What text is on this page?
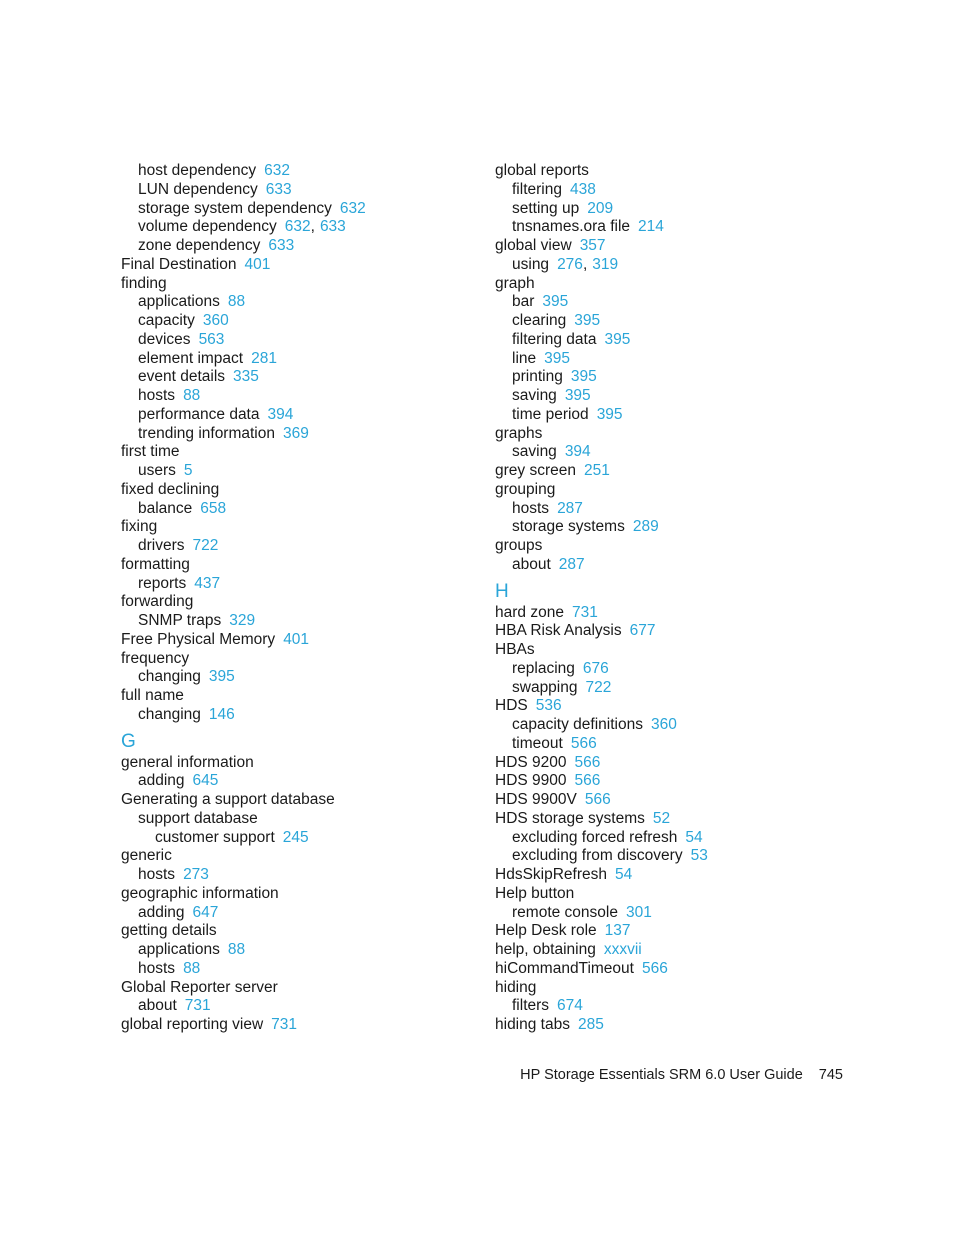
host dependency 632
LUN dependency 633
storage system dependency 632
volume dependency 632, 633
zone dependency 633
Final Destination 401
finding
applications 88
capacity 360
devices 563
element impact 281
event details 335
hosts 88
performance data 394
trending information 369
first time
users 5
fixed declining
balance 658
fixing
drivers 722
formatting
reports 437
forwarding
SNMP traps 329
Free Physical Memory 401
frequency
changing 395
full name
changing 146
G
general information
adding 645
Generating a support database
support database
customer support 245
generic
hosts 273
geographic information
adding 647
getting details
applications 88
hosts 88
Global Reporter server
about 731
global reporting view 731
global reports
filtering 438
setting up 209
tnsnames.ora file 214
global view 357
using 276, 319
graph
bar 395
clearing 395
filtering data 395
line 395
printing 395
saving 395
time period 395
graphs
saving 394
grey screen 251
grouping
hosts 287
storage systems 289
groups
about 287
H
hard zone 731
HBA Risk Analysis 677
HBAs
replacing 676
swapping 722
HDS 536
capacity definitions 360
timeout 566
HDS 9200 566
HDS 9900 566
HDS 9900V 566
HDS storage systems 52
excluding forced refresh 54
excluding from discovery 53
HdsSkipRefresh 54
Help button
remote console 301
Help Desk role 137
help, obtaining xxxvii
hiCommandTimeout 566
hiding
filters 674
hiding tabs 285
HP Storage Essentials SRM 6.0 User Guide 745
